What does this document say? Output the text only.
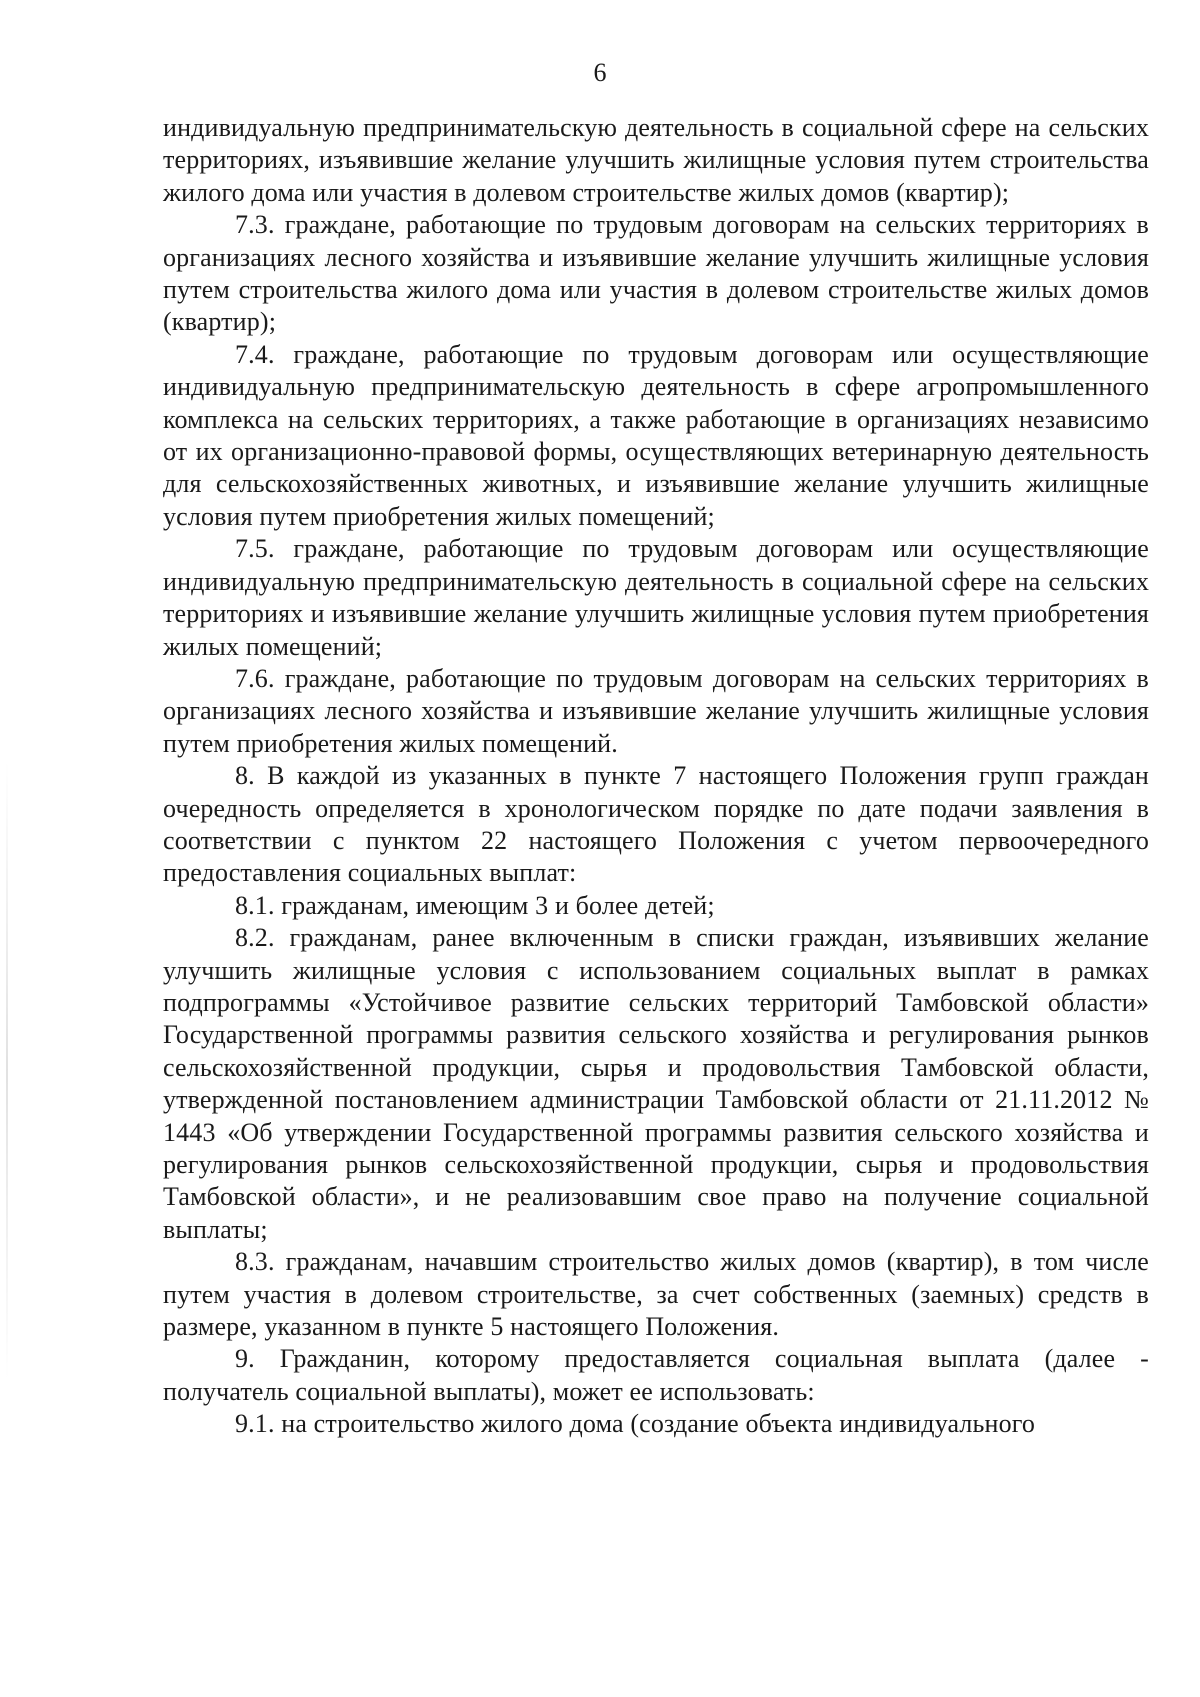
6

индивидуальную предпринимательскую деятельность в социальной сфере на сельских территориях, изъявившие желание улучшить жилищные условия путем строительства жилого дома или участия в долевом строительстве жилых домов (квартир);

7.3. граждане, работающие по трудовым договорам на сельских территориях в организациях лесного хозяйства и изъявившие желание улучшить жилищные условия путем строительства жилого дома или участия в долевом строительстве жилых домов (квартир);

7.4. граждане, работающие по трудовым договорам или осуществляющие индивидуальную предпринимательскую деятельность в сфере агропромышленного комплекса на сельских территориях, а также работающие в организациях независимо от их организационно-правовой формы, осуществляющих ветеринарную деятельность для сельскохозяйственных животных, и изъявившие желание улучшить жилищные условия путем приобретения жилых помещений;

7.5. граждане, работающие по трудовым договорам или осуществляющие индивидуальную предпринимательскую деятельность в социальной сфере на сельских территориях и изъявившие желание улучшить жилищные условия путем приобретения жилых помещений;

7.6. граждане, работающие по трудовым договорам на сельских территориях в организациях лесного хозяйства и изъявившие желание улучшить жилищные условия путем приобретения жилых помещений.

8. В каждой из указанных в пункте 7 настоящего Положения групп граждан очередность определяется в хронологическом порядке по дате подачи заявления в соответствии с пунктом 22 настоящего Положения с учетом первоочередного предоставления социальных выплат:

8.1. гражданам, имеющим 3 и более детей;

8.2. гражданам, ранее включенным в списки граждан, изъявивших желание улучшить жилищные условия с использованием социальных выплат в рамках подпрограммы «Устойчивое развитие сельских территорий Тамбовской области» Государственной программы развития сельского хозяйства и регулирования рынков сельскохозяйственной продукции, сырья и продовольствия Тамбовской области, утвержденной постановлением администрации Тамбовской области от 21.11.2012 № 1443 «Об утверждении Государственной программы развития сельского хозяйства и регулирования рынков сельскохозяйственной продукции, сырья и продовольствия Тамбовской области», и не реализовавшим свое право на получение социальной выплаты;

8.3. гражданам, начавшим строительство жилых домов (квартир), в том числе путем участия в долевом строительстве, за счет собственных (заемных) средств в размере, указанном в пункте 5 настоящего Положения.

9. Гражданин, которому предоставляется социальная выплата (далее - получатель социальной выплаты), может ее использовать:

9.1. на строительство жилого дома (создание объекта индивидуального
